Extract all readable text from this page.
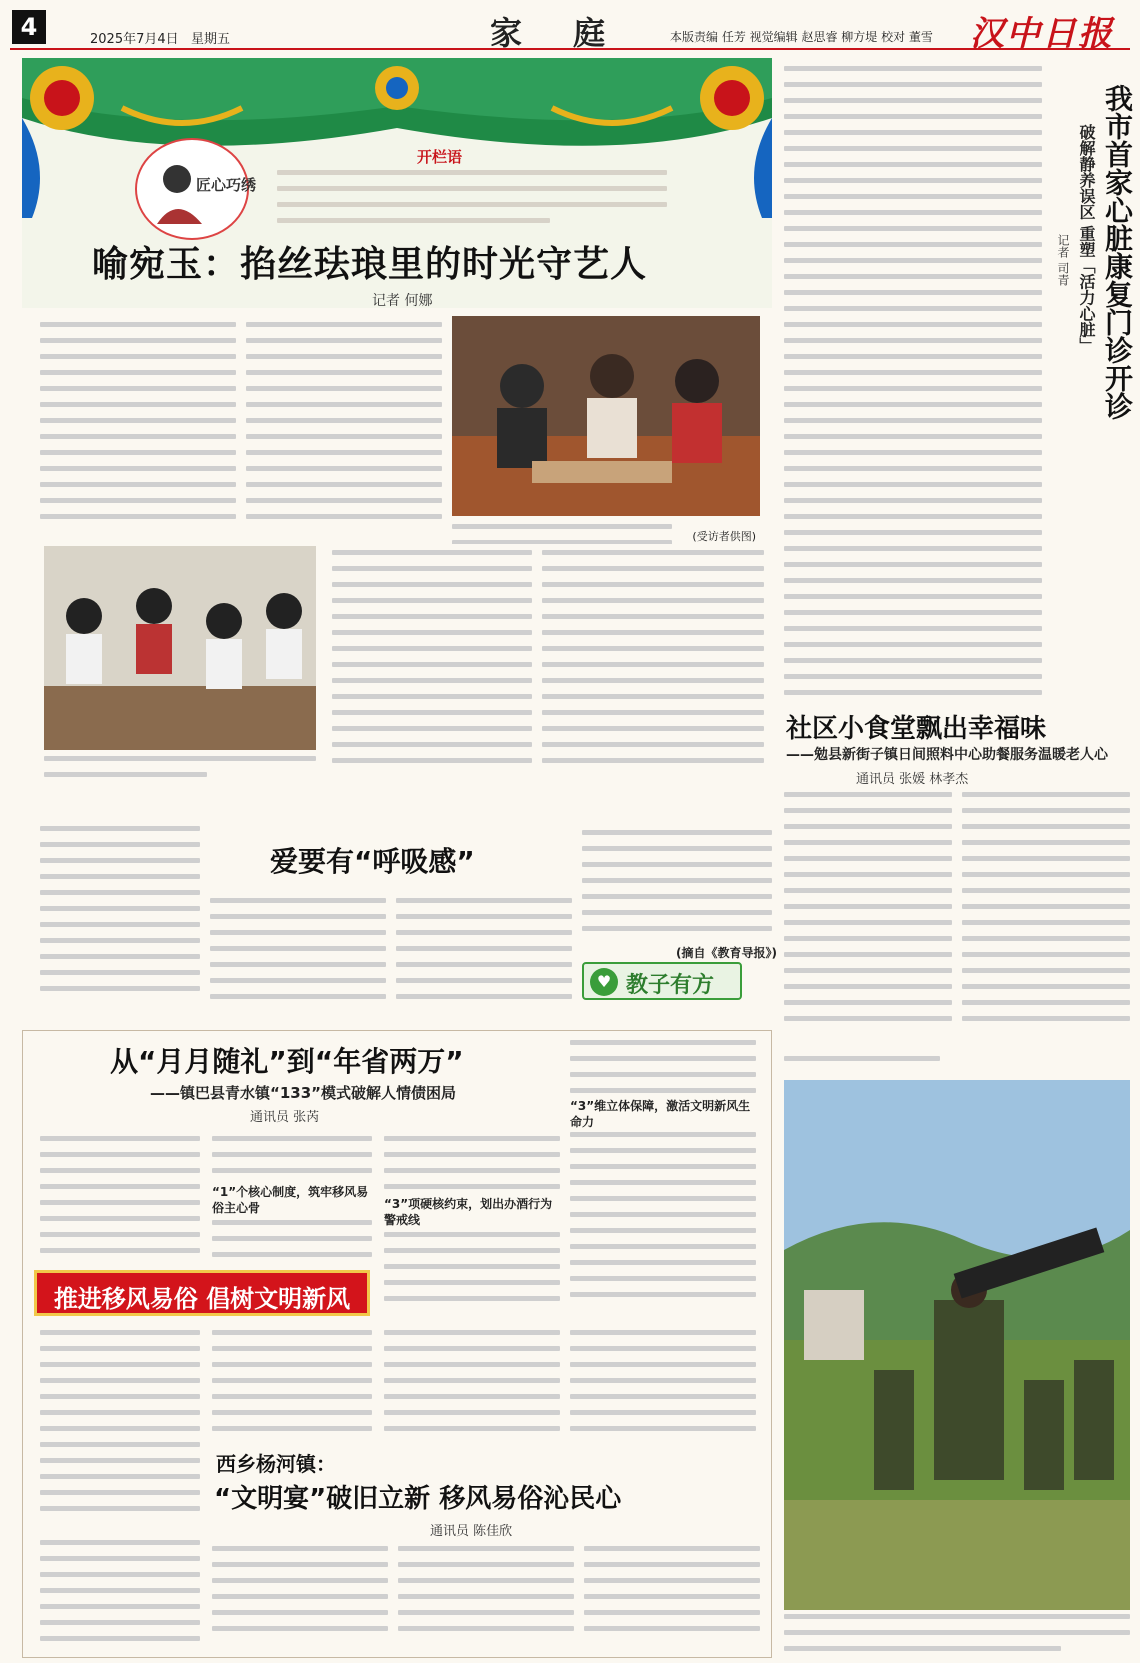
4	2025年7月4日 星期五	家 庭	本版责编 任芳 视觉编辑 赵思睿 柳方堤 校对 董雪 汉中日报
匠心巧绣
开栏语
喻宛玉：掐丝珐琅里的时光守艺人
记者 何娜
(受访者供图)
我市首家心脏康复门诊开诊
破解静养误区 重塑「活力心脏」
记者 司青
社区小食堂飘出幸福味
——勉县新街子镇日间照料中心助餐服务温暖老人心
通讯员 张媛 林孝杰
爱要有“呼吸感”
(摘自《教育导报》)
♥ 教子有方
从“月月随礼”到“年省两万”
——镇巴县青水镇“133”模式破解人情债困局
通讯员 张芮
“1”个核心制度，筑牢移风易俗主心骨	“3”项硬核约束，划出办酒行为警戒线
“3”维立体保障，激活文明新风生命力
推进移风易俗 倡树文明新风
西乡杨河镇：
“文明宴”破旧立新 移风易俗沁民心
通讯员 陈佳欣
